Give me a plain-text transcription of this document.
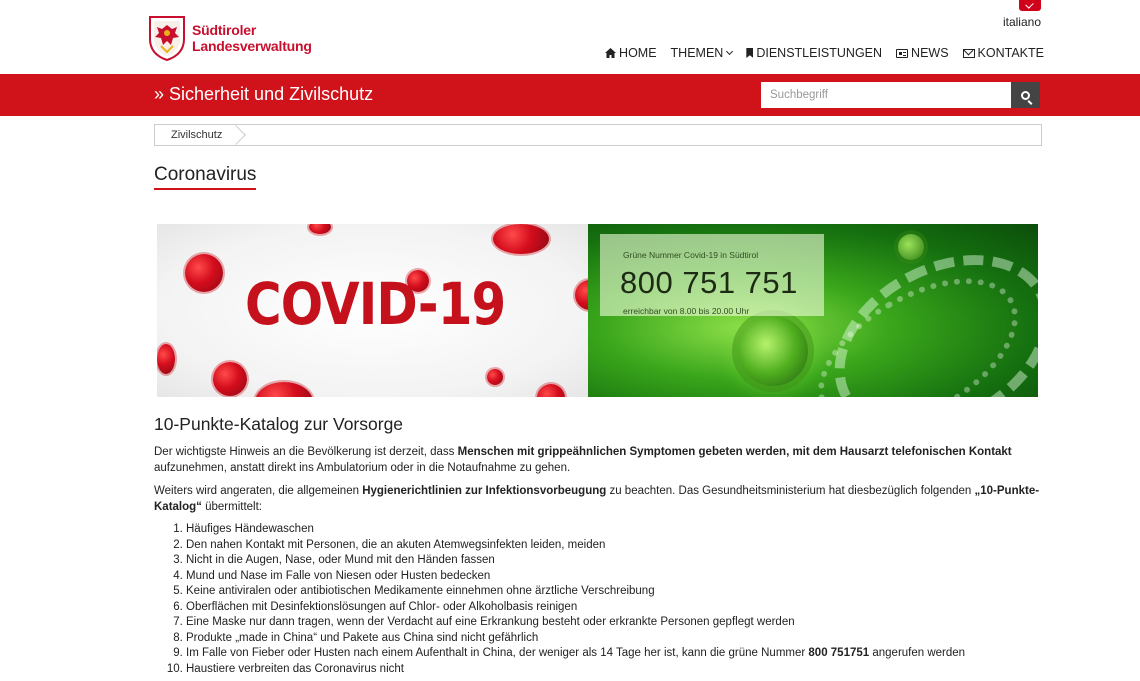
Südtiroler
Landesverwaltung
italiano
HOME THEMEN	DIENSTLEISTUNGEN NEWS KONTAKTE
» Sicherheit und Zivilschutz
Suchbegriff
Zivilschutz
Coronavirus
COVID-19
Grüne Nummer Covid-19 in Südtirol
800 751 751
erreichbar von 8.00 bis 20.00 Uhr
10-Punkte-Katalog zur Vorsorge

Der wichtigste Hinweis an die Bevölkerung ist derzeit, dass Menschen mit grippeähnlichen Symptomen gebeten werden, mit dem Hausarzt telefonischen Kontakt aufzunehmen, anstatt direkt ins Ambulatorium oder in die Notaufnahme zu gehen.

Weiters wird angeraten, die allgemeinen Hygienerichtlinien zur Infektionsvorbeugung zu beachten. Das Gesundheitsministerium hat diesbezüglich folgenden „10-Punkte-Katalog“ übermittelt:

1. Häufiges Händewaschen
2. Den nahen Kontakt mit Personen, die an akuten Atemwegsinfekten leiden, meiden
3. Nicht in die Augen, Nase, oder Mund mit den Händen fassen
4. Mund und Nase im Falle von Niesen oder Husten bedecken
5. Keine antiviralen oder antibiotischen Medikamente einnehmen ohne ärztliche Verschreibung
6. Oberflächen mit Desinfektionslösungen auf Chlor- oder Alkoholbasis reinigen
7. Eine Maske nur dann tragen, wenn der Verdacht auf eine Erkrankung besteht oder erkrankte Personen gepflegt werden
8. Produkte „made in China“ und Pakete aus China sind nicht gefährlich
9. Im Falle von Fieber oder Husten nach einem Aufenthalt in China, der weniger als 14 Tage her ist, kann die grüne Nummer 800 751751 angerufen werden
10. Haustiere verbreiten das Coronavirus nicht
